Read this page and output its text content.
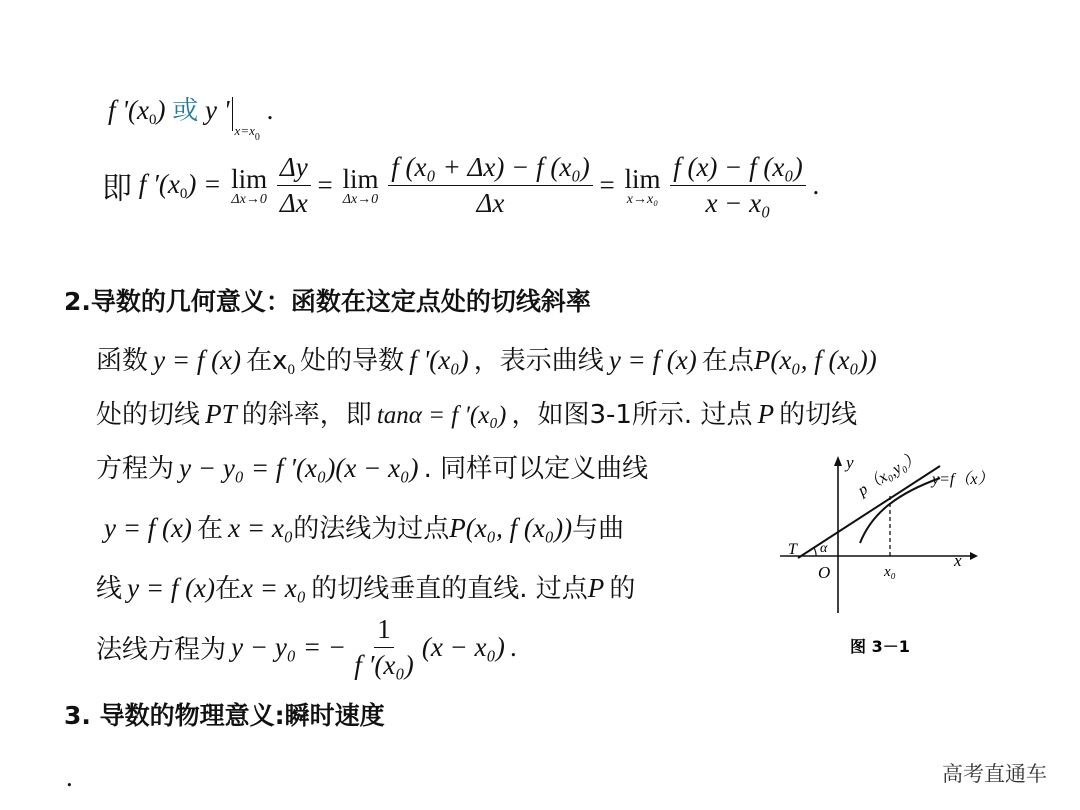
f '$(x_0)$ 或 y '$_{x=x_0}$ .
即 f $'(x_0) = \lim$
Δx→0
$\frac{\Delta y}{\Delta x} = \lim$
Δx→0
$\frac{\text{f (x₀ + Δx) − f (x₀)}}{\Delta x} = \lim$
x→x₀
$\frac{\text{f (x) − f (x₀)}}{\text{x − x₀}}$ .
2.导数的几何意义：函数在这定点处的切线斜率
函数 y = f (x) 在$x_0$ 处的导数 f '(x₀) ，表示曲线 y = f (x) 在点P(x₀, f (x₀))
处的切线 PT 的斜率，即 tanα = f ′(x₀) ，如图3-1所示. 过点 P 的切线
方程为 y − y₀ = f ′(x₀)(x − x₀) . 同样可以定义曲线
y = f (x) 在 x = x₀的法线为过点P(x₀, f (x₀))与曲
线 y = f (x)在x = x₀ 的切线垂直的直线. 过点P 的
法线方程为 y − y₀ = − $\frac{1}{\text{f ′(x₀)}} (x - x_0)$ .
y
x
y=f（x）
p（x₀,y₀）
T α
O	x₀
图 3－1
3. 导数的物理意义:瞬时速度
.	高考直通车
